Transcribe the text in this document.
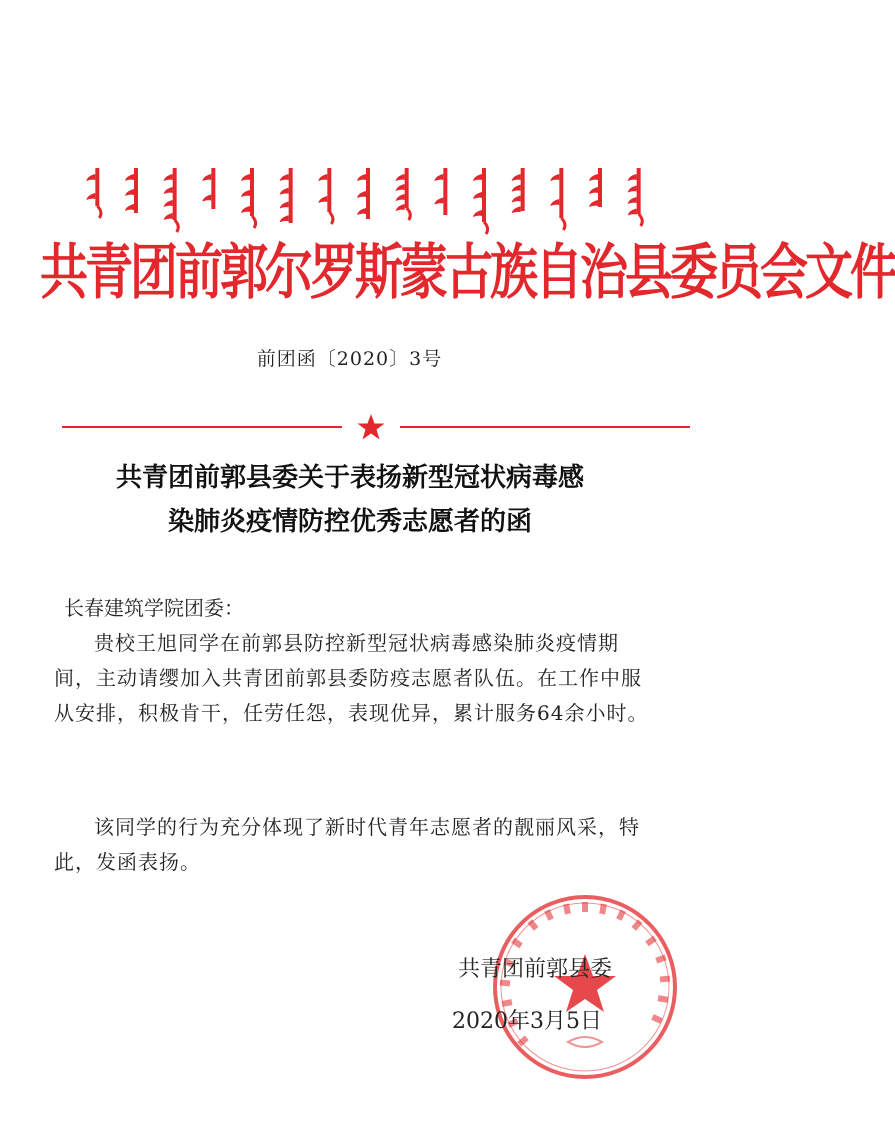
共青团前郭尔罗斯蒙古族自治县委员会文件
前团函〔2020〕3号
共青团前郭县委关于表扬新型冠状病毒感
染肺炎疫情防控优秀志愿者的函
长春建筑学院团委：
贵校王旭同学在前郭县防控新型冠状病毒感染肺炎疫情期间，主动请缨加入共青团前郭县委防疫志愿者队伍。在工作中服从安排，积极肯干，任劳任怨，表现优异，累计服务64余小时。
该同学的行为充分体现了新时代青年志愿者的靓丽风采，特此，发函表扬。
共青团前郭县委
2020年3月5日
